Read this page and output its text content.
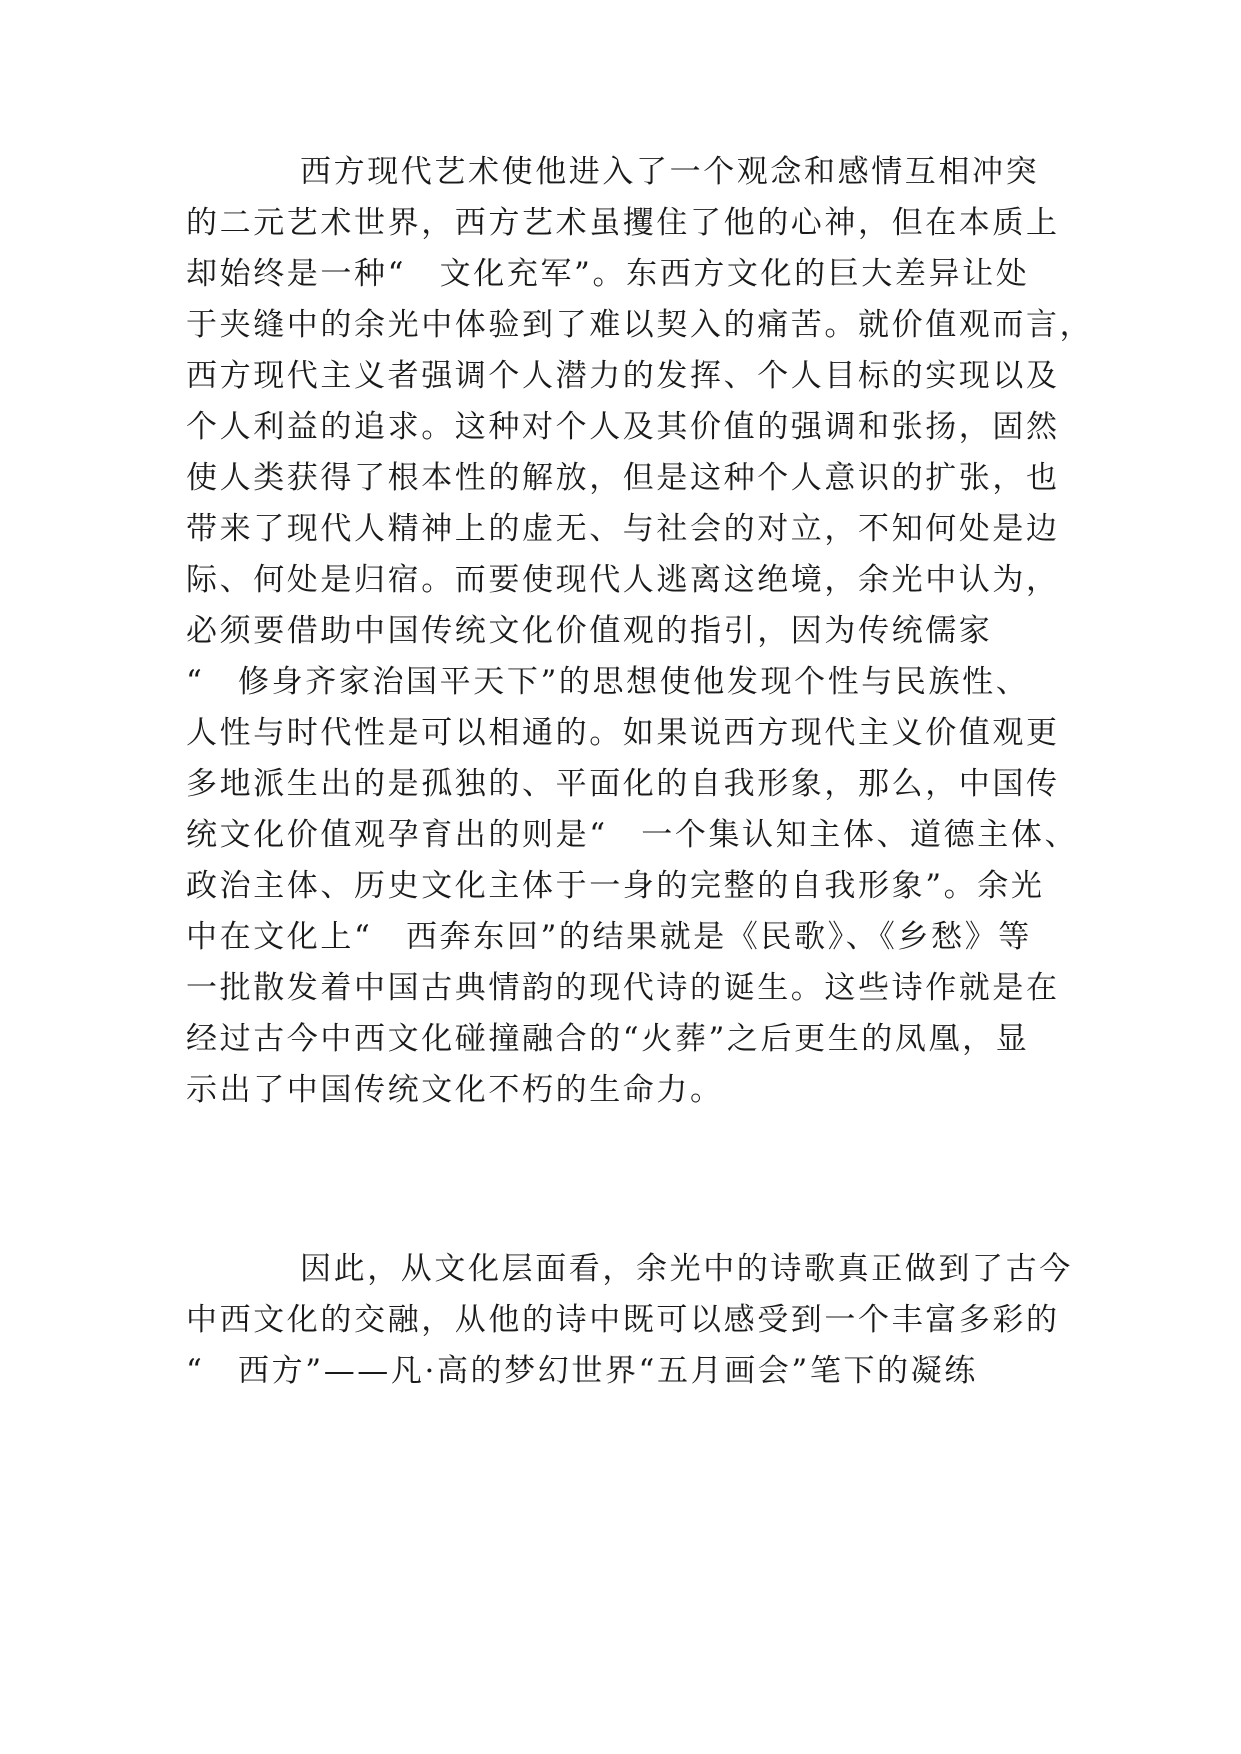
西方现代艺术使他进入了一个观念和感情互相冲突
的二元艺术世界，西方艺术虽攫住了他的心神，但在本质上
却始终是一种“　文化充军”。东西方文化的巨大差异让处
于夹缝中的余光中体验到了难以契入的痛苦。就价值观而言，
西方现代主义者强调个人潜力的发挥、个人目标的实现以及
个人利益的追求。这种对个人及其价值的强调和张扬，固然
使人类获得了根本性的解放，但是这种个人意识的扩张，也
带来了现代人精神上的虚无、与社会的对立，不知何处是边
际、何处是归宿。而要使现代人逃离这绝境，余光中认为，
必须要借助中国传统文化价值观的指引，因为传统儒家
“　修身齐家治国平天下”的思想使他发现个性与民族性、
人性与时代性是可以相通的。如果说西方现代主义价值观更
多地派生出的是孤独的、平面化的自我形象，那么，中国传
统文化价值观孕育出的则是“　一个集认知主体、道德主体、
政治主体、历史文化主体于一身的完整的自我形象”。余光
中在文化上“　西奔东回”的结果就是《民歌》、《乡愁》等
一批散发着中国古典情韵的现代诗的诞生。这些诗作就是在
经过古今中西文化碰撞融合的“火葬”之后更生的凤凰，显
示出了中国传统文化不朽的生命力。
因此，从文化层面看，余光中的诗歌真正做到了古今
中西文化的交融，从他的诗中既可以感受到一个丰富多彩的
“　西方”——凡·高的梦幻世界“五月画会”笔下的凝练
